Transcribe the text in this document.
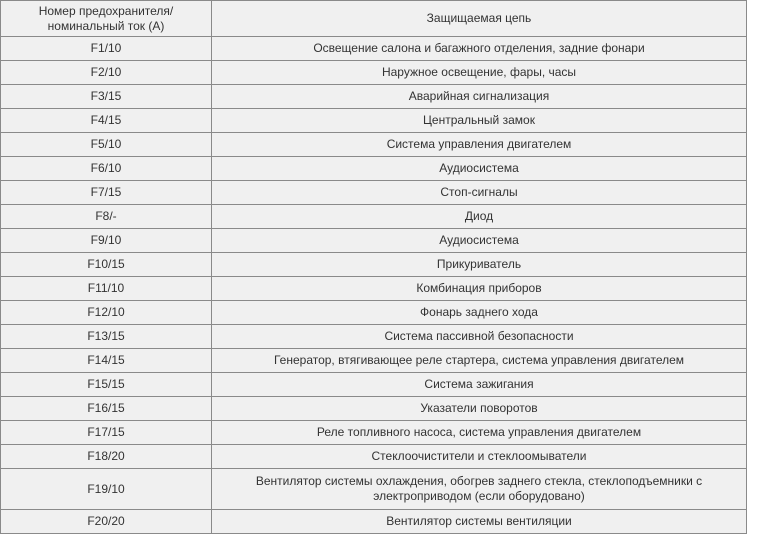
Номер предохранителя/
номинальный ток (А)	Защищаемая цепь

F1/10	Освещение салона и багажного отделения, задние фонари
F2/10	Наружное освещение, фары, часы
F3/15	Аварийная сигнализация
F4/15	Центральный замок
F5/10	Система управления двигателем
F6/10	Аудиосистема
F7/15	Стоп-сигналы
F8/-	Диод
F9/10	Аудиосистема
F10/15	Прикуриватель
F11/10	Комбинация приборов
F12/10	Фонарь заднего хода
F13/15	Система пассивной безопасности
F14/15	Генератор, втягивающее реле стартера, система управления двигателем
F15/15	Система зажигания
F16/15	Указатели поворотов
F17/15	Реле топливного насоса, система управления двигателем
F18/20	Стеклоочистители и стеклоомыватели
F19/10	Вентилятор системы охлаждения, обогрев заднего стекла, стеклоподъемники с электроприводом (если оборудовано)
F20/20	Вентилятор системы вентиляции
